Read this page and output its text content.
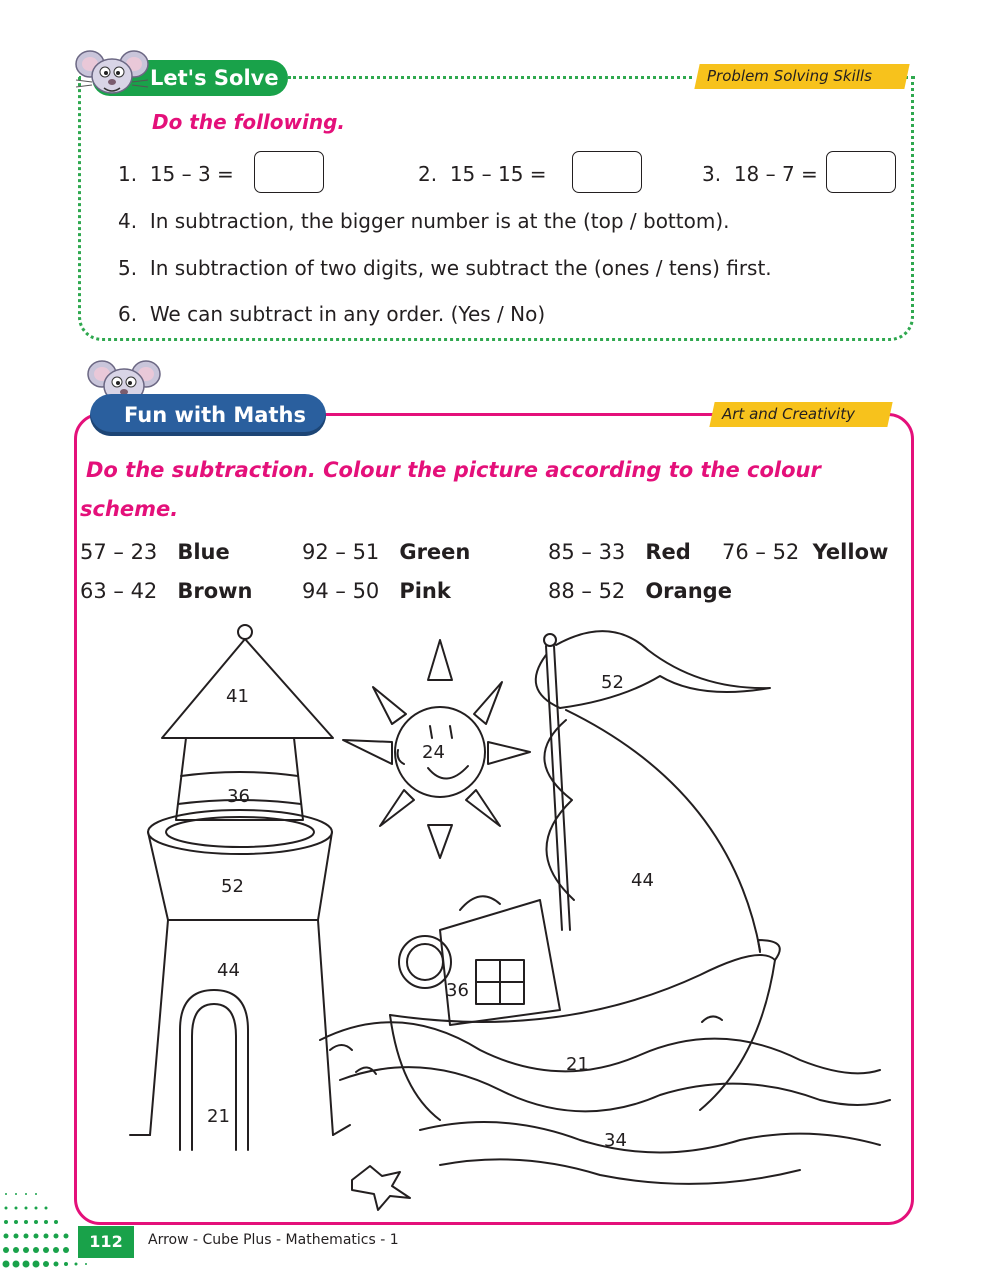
Let's Solve	Problem Solving Skills
Do the following.
1. 15 – 3 =	2. 15 – 15 =	3. 18 – 7 =
4. In subtraction, the bigger number is at the (top / bottom).
5. In subtraction of two digits, we subtract the (ones / tens) first.
6. We can subtract in any order. (Yes / No)
Fun with Maths	Art and Creativity
Do the subtraction. Colour the picture according to the colour
scheme.
57 – 23 Blue	92 – 51 Green	85 – 33 Red 76 – 52 Yellow
63 – 42 Brown 94 – 50 Pink	88 – 52 Orange
41
36
52
44
21
24
52
44
36
21
34
112	Arrow - Cube Plus - Mathematics - 1
